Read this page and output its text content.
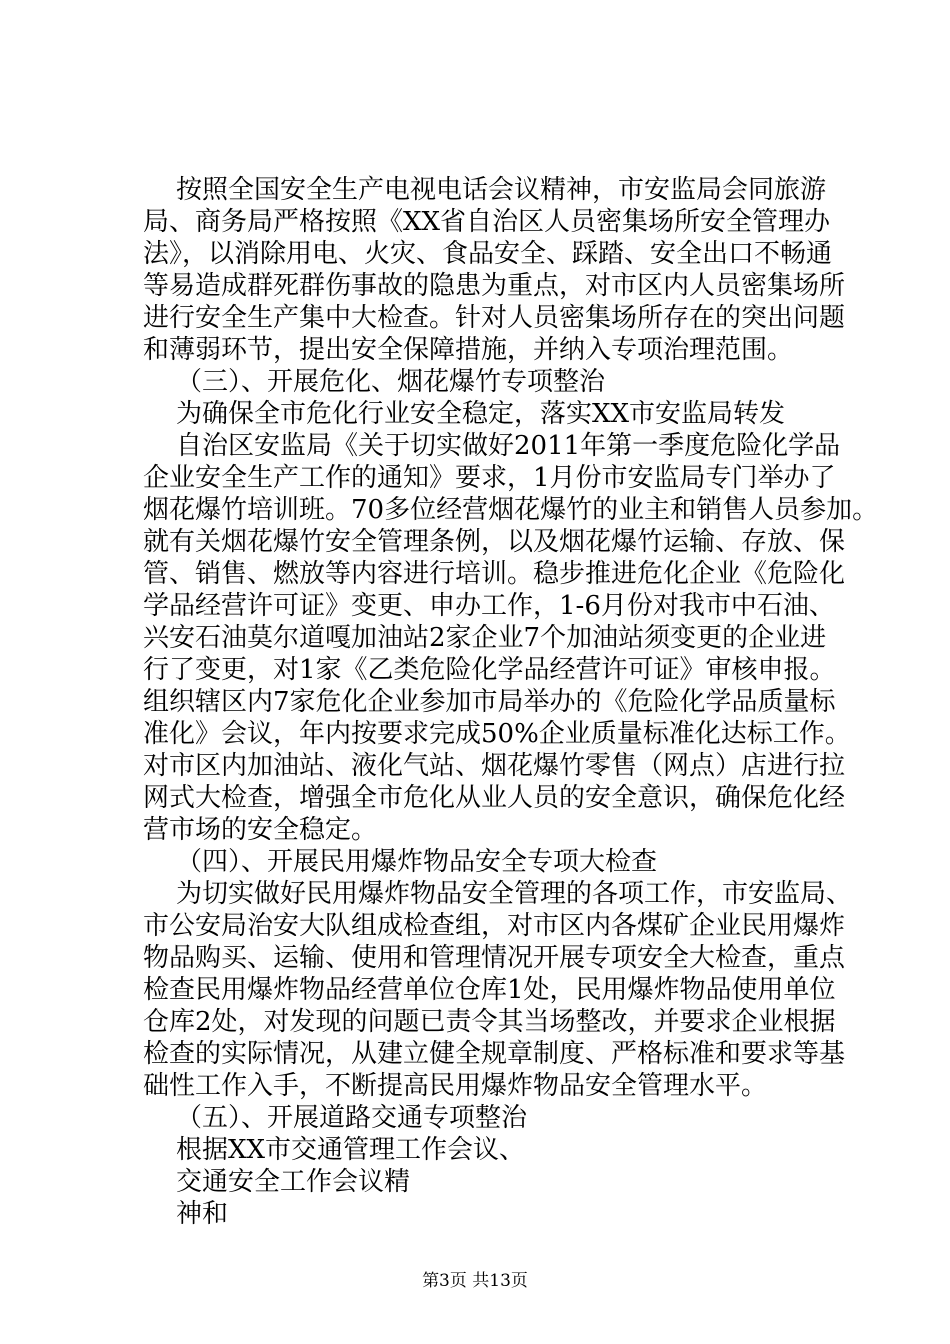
按照全国安全生产电视电话会议精神，市安监局会同旅游
局、商务局严格按照《XX省自治区人员密集场所安全管理办
法》，以消除用电、火灾、食品安全、踩踏、安全出口不畅通
等易造成群死群伤事故的隐患为重点，对市区内人员密集场所
进行安全生产集中大检查。针对人员密集场所存在的突出问题
和薄弱环节，提出安全保障措施，并纳入专项治理范围。
（三）、开展危化、烟花爆竹专项整治
为确保全市危化行业安全稳定，落实XX市安监局转发
自治区安监局《关于切实做好2011年第一季度危险化学品
企业安全生产工作的通知》要求，1月份市安监局专门举办了
烟花爆竹培训班。70多位经营烟花爆竹的业主和销售人员参加。
就有关烟花爆竹安全管理条例，以及烟花爆竹运输、存放、保
管、销售、燃放等内容进行培训。稳步推进危化企业《危险化
学品经营许可证》变更、申办工作，1-6月份对我市中石油、
兴安石油莫尔道嘎加油站2家企业7个加油站须变更的企业进
行了变更，对1家《乙类危险化学品经营许可证》审核申报。
组织辖区内7家危化企业参加市局举办的《危险化学品质量标
准化》会议，年内按要求完成50%企业质量标准化达标工作。
对市区内加油站、液化气站、烟花爆竹零售（网点）店进行拉
网式大检查，增强全市危化从业人员的安全意识，确保危化经
营市场的安全稳定。
（四）、开展民用爆炸物品安全专项大检查
为切实做好民用爆炸物品安全管理的各项工作，市安监局、
市公安局治安大队组成检查组，对市区内各煤矿企业民用爆炸
物品购买、运输、使用和管理情况开展专项安全大检查，重点
检查民用爆炸物品经营单位仓库1处，民用爆炸物品使用单位
仓库2处，对发现的问题已责令其当场整改，并要求企业根据
检查的实际情况，从建立健全规章制度、严格标准和要求等基
础性工作入手，不断提高民用爆炸物品安全管理水平。
（五）、开展道路交通专项整治
根据XX市交通管理工作会议、
交通安全工作会议精
神和
第3页 共13页
